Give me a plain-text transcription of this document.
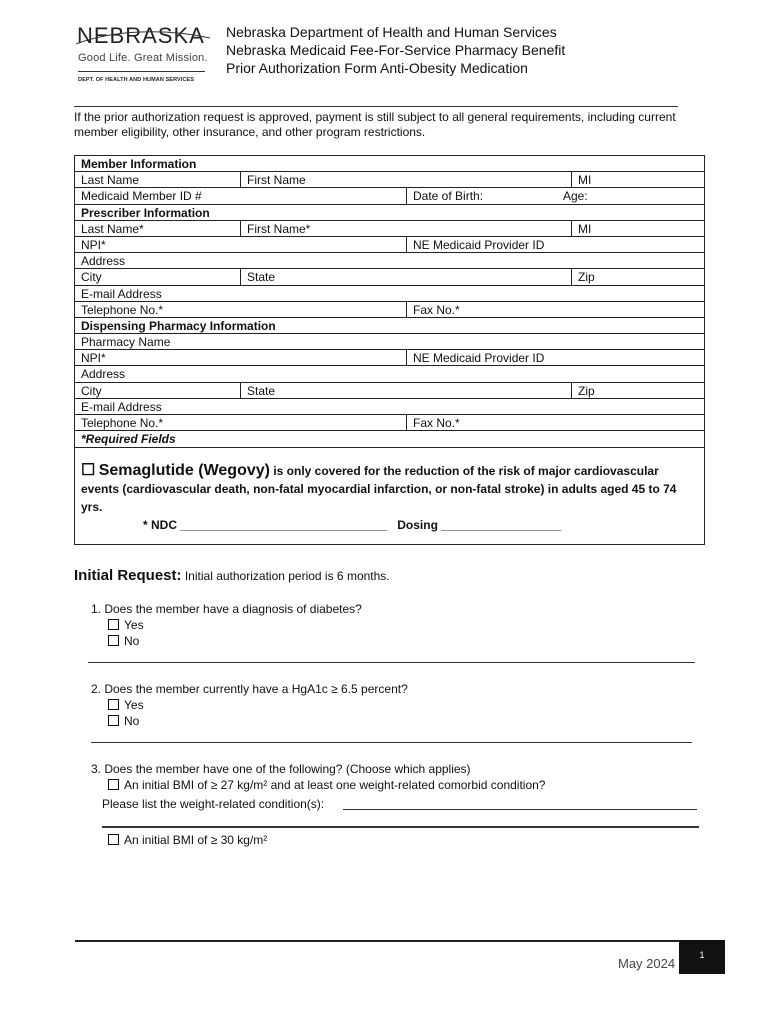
NEBRASKA
Good Life. Great Mission.
DEPT. OF HEALTH AND HUMAN SERVICES
Nebraska Department of Health and Human Services
Nebraska Medicaid Fee-For-Service Pharmacy Benefit
Prior Authorization Form Anti-Obesity Medication
If the prior authorization request is approved, payment is still subject to all general requirements, including current member eligibility, other insurance, and other program restrictions.
Member Information
Last Name	First Name	MI
Medicaid Member ID #	Date of Birth:	Age:
Prescriber Information
Last Name*	First Name*	MI
NPI*	NE Medicaid Provider ID
Address
City	State	Zip
E-mail Address
Telephone No.*	Fax No.*
Dispensing Pharmacy Information
Pharmacy Name
NPI*	NE Medicaid Provider ID
Address
City	State	Zip
E-mail Address
Telephone No.*	Fax No.*
*Required Fields
☐ Semaglutide (Wegovy) is only covered for the reduction of the risk of major cardiovascular events (cardiovascular death, non-fatal myocardial infarction, or non-fatal stroke) in adults aged 45 to 74 yrs.
* NDC _______________________________ Dosing __________________
Initial Request: Initial authorization period is 6 months.
1. Does the member have a diagnosis of diabetes?
Yes
No
2. Does the member currently have a HgA1c ≥ 6.5 percent?
Yes
No
3. Does the member have one of the following? (Choose which applies)
An initial BMI of ≥ 27 kg/m² and at least one weight-related comorbid condition?
Please list the weight-related condition(s):
An initial BMI of ≥ 30 kg/m²
May 2024
1
